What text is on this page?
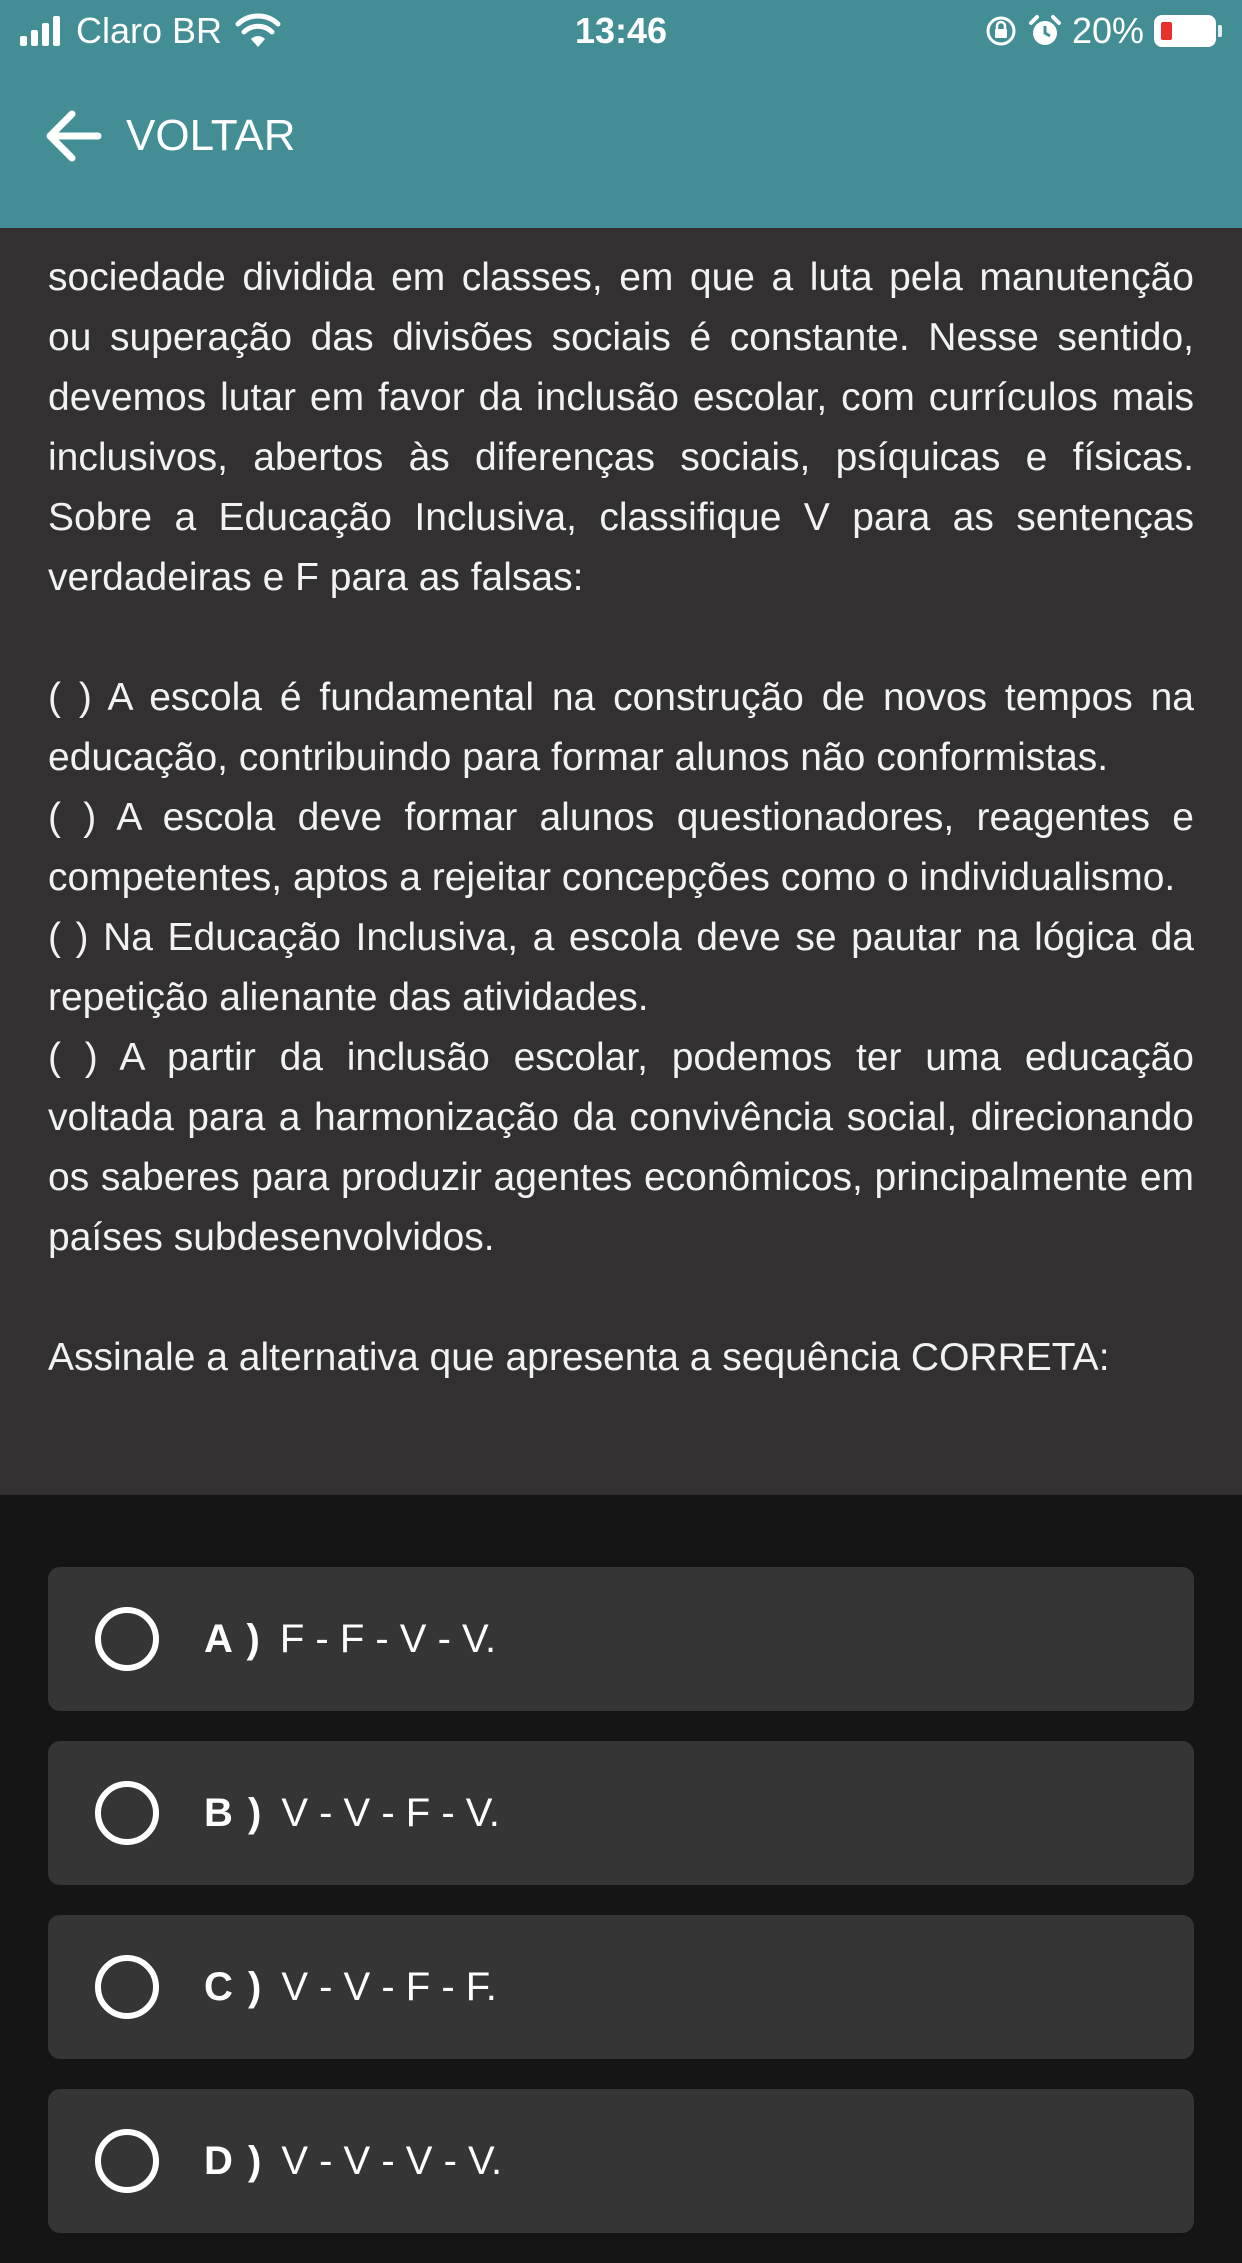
sociedade dividida em classes, em que a luta pela manutenção ou superação das divisões sociais é constante. Nesse sentido, devemos lutar em favor da inclusão escolar, com currículos mais inclusivos, abertos às diferenças sociais, psíquicas e físicas. Sobre a Educação Inclusiva, classifique V para as sentenças verdadeiras e F para as falsas:

( ) A escola é fundamental na construção de novos tempos na educação, contribuindo para formar alunos não conformistas.

( ) A escola deve formar alunos questionadores, reagentes e competentes, aptos a rejeitar concepções como o individualismo.

( ) Na Educação Inclusiva, a escola deve se pautar na lógica da repetição alienante das atividades.

( ) A partir da inclusão escolar, podemos ter uma educação voltada para a harmonização da convivência social, direcionando os saberes para produzir agentes econômicos, principalmente em países subdesenvolvidos.

Assinale a alternativa que apresenta a sequência CORRETA:

Claro BR	13:46	20%
VOLTAR
A ) F - F - V - V.
B ) V - V - F - V.
C ) V - V - F - F.
D ) V - V - V - V.
